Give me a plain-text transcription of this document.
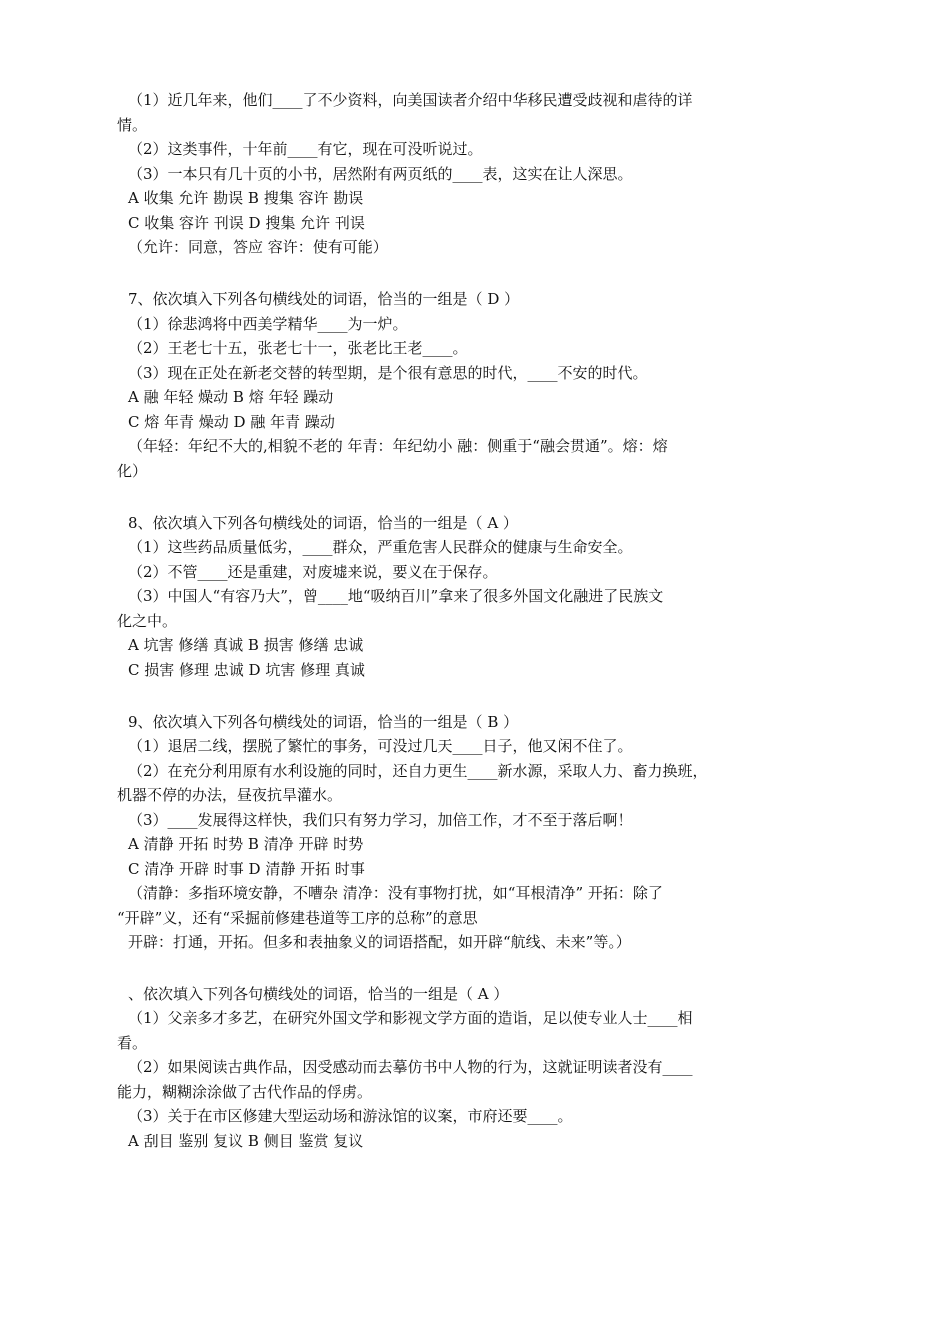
（1）近几年来，他们____了不少资料，向美国读者介绍中华移民遭受歧视和虐待的详
情。
（2）这类事件，十年前____有它，现在可没听说过。
（3）一本只有几十页的小书，居然附有两页纸的____表，这实在让人深思。
A 收集 允许 勘误 B 搜集 容许 勘误
C 收集 容许 刊误 D 搜集 允许 刊误
（允许：同意，答应 容许：使有可能）
7、依次填入下列各句横线处的词语，恰当的一组是（ D ）
（1）徐悲鸿将中西美学精华____为一炉。
（2）王老七十五，张老七十一，张老比王老____。
（3）现在正处在新老交替的转型期，是个很有意思的时代，____不安的时代。
A 融 年轻 燥动 B 熔 年轻 躁动
C 熔 年青 燥动 D 融 年青 躁动
（年轻：年纪不大的,相貌不老的 年青：年纪幼小 融：侧重于“融会贯通”。熔：熔
化）
8、依次填入下列各句横线处的词语，恰当的一组是（ A ）
（1）这些药品质量低劣，____群众，严重危害人民群众的健康与生命安全。
（2）不管____还是重建，对废墟来说，要义在于保存。
（3）中国人“有容乃大”，曾____地“吸纳百川”拿来了很多外国文化融进了民族文
化之中。
A 坑害 修缮 真诚 B 损害 修缮 忠诚
C 损害 修理 忠诚 D 坑害 修理 真诚
9、依次填入下列各句横线处的词语，恰当的一组是（ B ）
（1）退居二线，摆脱了繁忙的事务，可没过几天____日子，他又闲不住了。
（2）在充分利用原有水利设施的同时，还自力更生____新水源，采取人力、畜力换班，
机器不停的办法，昼夜抗旱灌水。
（3）____发展得这样快，我们只有努力学习，加倍工作，才不至于落后啊！
A 清静 开拓 时势 B 清净 开辟 时势
C 清净 开辟 时事 D 清静 开拓 时事
（清静：多指环境安静，不嘈杂 清净：没有事物打扰，如“耳根清净” 开拓：除了
“开辟”义，还有“采掘前修建巷道等工序的总称”的意思
开辟：打通，开拓。但多和表抽象义的词语搭配，如开辟“航线、未来”等。）
、依次填入下列各句横线处的词语，恰当的一组是（ A ）
（1）父亲多才多艺，在研究外国文学和影视文学方面的造诣，足以使专业人士____相
看。
（2）如果阅读古典作品，因受感动而去摹仿书中人物的行为，这就证明读者没有____
能力，糊糊涂涂做了古代作品的俘虏。
（3）关于在市区修建大型运动场和游泳馆的议案，市府还要____。
A 刮目 鉴别 复议 B 侧目 鉴赏 复议
